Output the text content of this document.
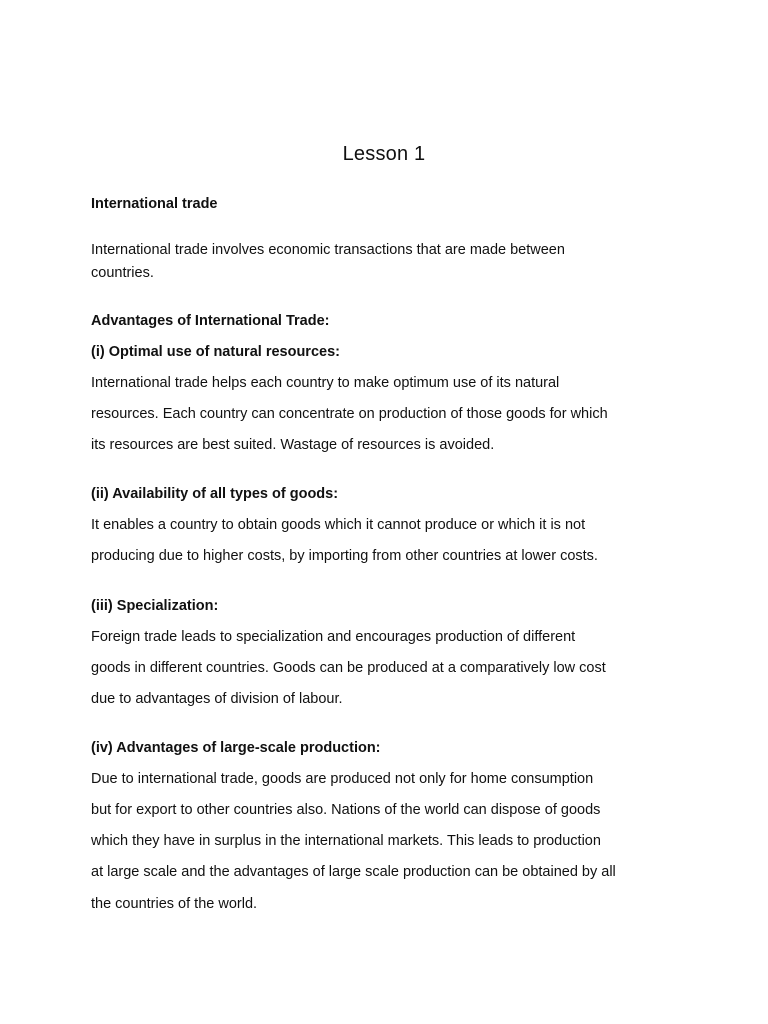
Lesson 1
International trade
International trade involves economic transactions that are made between
countries.
Advantages of International Trade:
(i) Optimal use of natural resources:
International trade helps each country to make optimum use of its natural
resources. Each country can concentrate on production of those goods for which
its resources are best suited. Wastage of resources is avoided.
(ii) Availability of all types of goods:
It enables a country to obtain goods which it cannot produce or which it is not
producing due to higher costs, by importing from other countries at lower costs.
(iii) Specialization:
Foreign trade leads to specialization and encourages production of different
goods in different countries. Goods can be produced at a comparatively low cost
due to advantages of division of labour.
(iv) Advantages of large-scale production:
Due to international trade, goods are produced not only for home consumption
but for export to other countries also. Nations of the world can dispose of goods
which they have in surplus in the international markets. This leads to production
at large scale and the advantages of large scale production can be obtained by all
the countries of the world.
